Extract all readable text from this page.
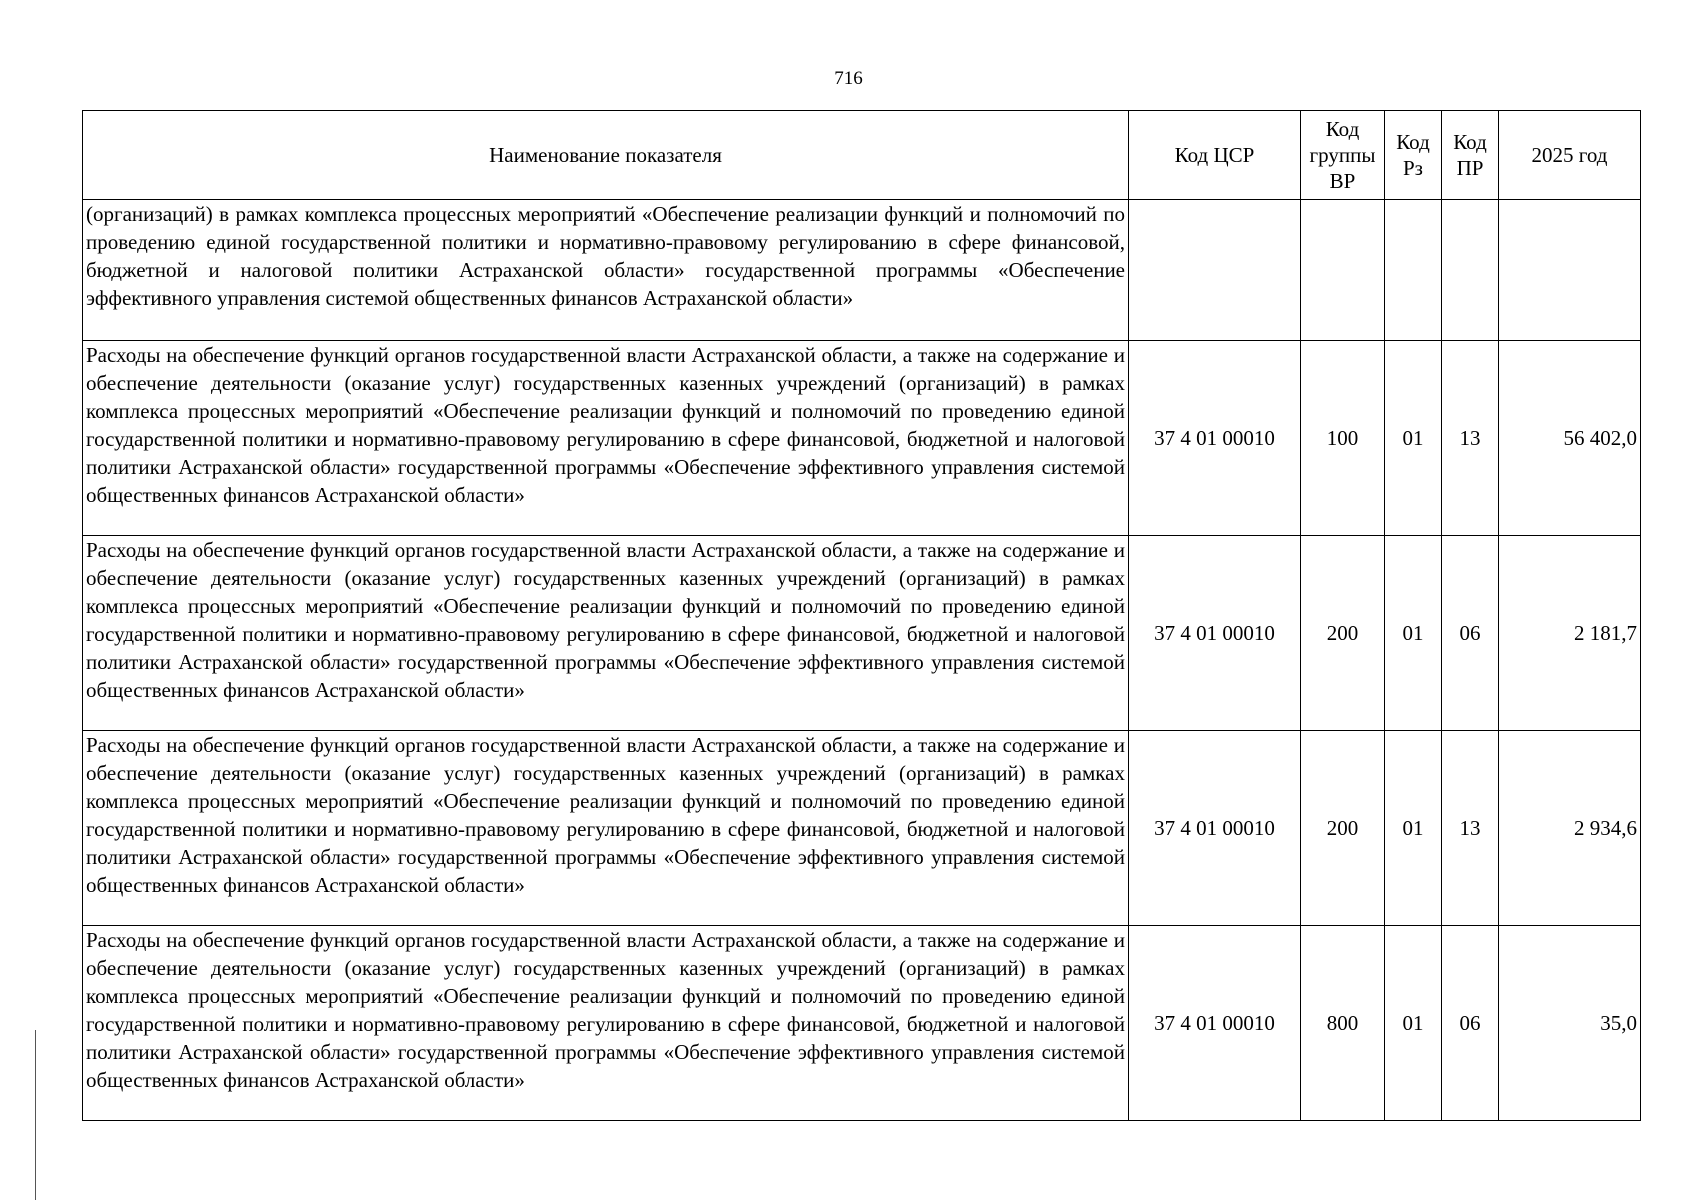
716
Наименование показателя	Код ЦСР	Код группы ВР	Код Рз	Код ПР	2025 год
(организаций) в рамках комплекса процессных мероприятий «Обеспечение реализации функций и полномочий по проведению единой государственной политики и нормативно-правовому регулированию в сфере финансовой, бюджетной и налоговой политики Астраханской области» государственной программы «Обеспечение эффективного управления системой общественных финансов Астраханской области»					
Расходы на обеспечение функций органов государственной власти Астраханской области, а также на содержание и обеспечение деятельности (оказание услуг) государственных казенных учреждений (организаций) в рамках комплекса процессных мероприятий «Обеспечение реализации функций и полномочий по проведению единой государственной политики и нормативно-правовому регулированию в сфере финансовой, бюджетной и налоговой политики Астраханской области» государственной программы «Обеспечение эффективного управления системой общественных финансов Астраханской области»	37 4 01 00010	100	01	13	56 402,0
Расходы на обеспечение функций органов государственной власти Астраханской области, а также на содержание и обеспечение деятельности (оказание услуг) государственных казенных учреждений (организаций) в рамках комплекса процессных мероприятий «Обеспечение реализации функций и полномочий по проведению единой государственной политики и нормативно-правовому регулированию в сфере финансовой, бюджетной и налоговой политики Астраханской области» государственной программы «Обеспечение эффективного управления системой общественных финансов Астраханской области»	37 4 01 00010	200	01	06	2 181,7
Расходы на обеспечение функций органов государственной власти Астраханской области, а также на содержание и обеспечение деятельности (оказание услуг) государственных казенных учреждений (организаций) в рамках комплекса процессных мероприятий «Обеспечение реализации функций и полномочий по проведению единой государственной политики и нормативно-правовому регулированию в сфере финансовой, бюджетной и налоговой политики Астраханской области» государственной программы «Обеспечение эффективного управления системой общественных финансов Астраханской области»	37 4 01 00010	200	01	13	2 934,6
Расходы на обеспечение функций органов государственной власти Астраханской области, а также на содержание и обеспечение деятельности (оказание услуг) государственных казенных учреждений (организаций) в рамках комплекса процессных мероприятий «Обеспечение реализации функций и полномочий по проведению единой государственной политики и нормативно-правовому регулированию в сфере финансовой, бюджетной и налоговой политики Астраханской области» государственной программы «Обеспечение эффективного управления системой общественных финансов Астраханской области»	37 4 01 00010	800	01	06	35,0
